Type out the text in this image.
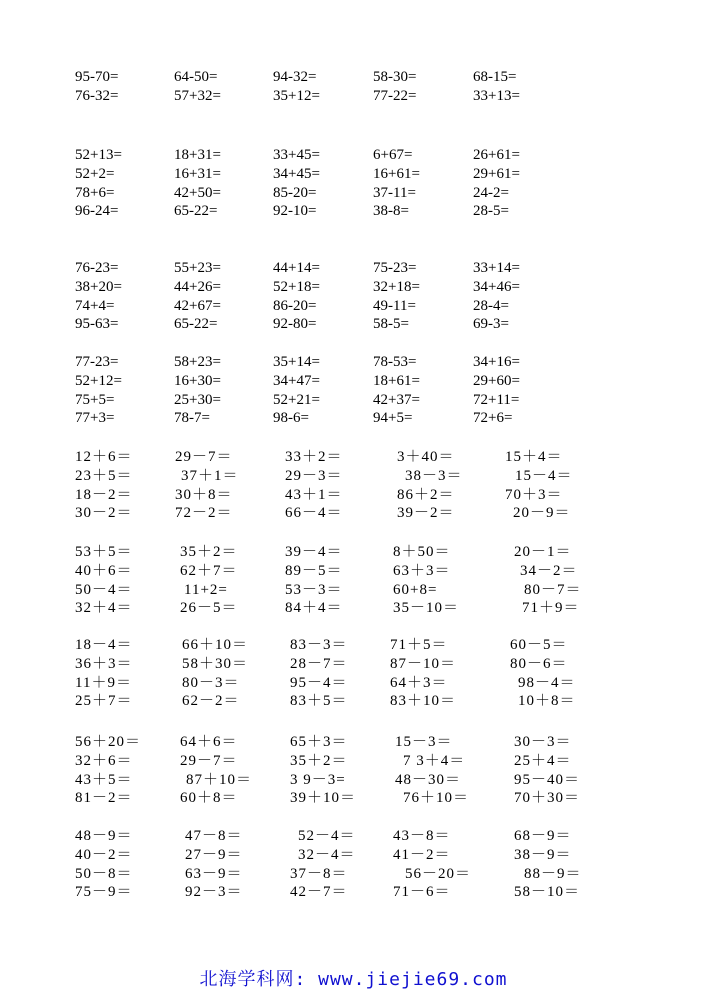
95-70=	64-50=	94-32=	58-30=	68-15=
76-32=	57+32=	35+12=	77-22=	33+13=
52+13=	18+31=	33+45=	6+67=	26+61=
52+2=	16+31=	34+45=	16+61=	29+61=
78+6=	42+50=	85-20=	37-11=	24-2=
96-24=	65-22=	92-10=	38-8=	28-5=
76-23=	55+23=	44+14=	75-23=	33+14=
38+20=	44+26=	52+18=	32+18=	34+46=
74+4=	42+67=	86-20=	49-11=	28-4=
95-63=	65-22=	92-80=	58-5=	69-3=
77-23=	58+23=	35+14=	78-53=	34+16=
52+12=	16+30=	34+47=	18+61=	29+60=
75+5=	25+30=	52+21=	42+37=	72+11=
77+3=	78-7=	98-6=	94+5=	72+6=
12＋6＝	29－7＝	33＋2＝	3＋40＝	15＋4＝
23＋5＝	37＋1＝	29－3＝	38－3＝	15－4＝
18－2＝	30＋8＝	43＋1＝	86＋2＝	70＋3＝
30－2＝	72－2＝	66－4＝	39－2＝	20－9＝
53＋5＝	35＋2＝	39－4＝	8＋50＝	20－1＝
40＋6＝	62＋7＝	89－5＝	63＋3＝	34－2＝
50－4＝	11+2=	53－3＝	60+8=	80－7＝
32＋4＝	26－5＝	84＋4＝	35－10＝	71＋9＝
18－4＝	66＋10＝	83－3＝	71＋5＝	60－5＝
36＋3＝	58＋30＝	28－7＝	87－10＝	80－6＝
11＋9＝	80－3＝	95－4＝	64＋3＝	98－4＝
25＋7＝	62－2＝	83＋5＝	83＋10＝	10＋8＝
56＋20＝	64＋6＝	65＋3＝	15－3＝	30－3＝
32＋6＝	29－7＝	35＋2＝	7 3＋4＝	25＋4＝
43＋5＝	87＋10＝	3 9－3=	48－30＝	95－40＝
81－2＝	60＋8＝	39＋10＝	76＋10＝	70＋30＝
48－9＝	47－8＝	52－4＝ 43－8＝	68－9＝
40－2＝	27－9＝	32－4＝ 41－2＝	38－9＝
50－8＝	63－9＝	37－8＝	56－20＝	88－9＝
75－9＝	92－3＝	42－7＝	71－6＝	58－10＝
北海学科网: www.jiejie69.com
